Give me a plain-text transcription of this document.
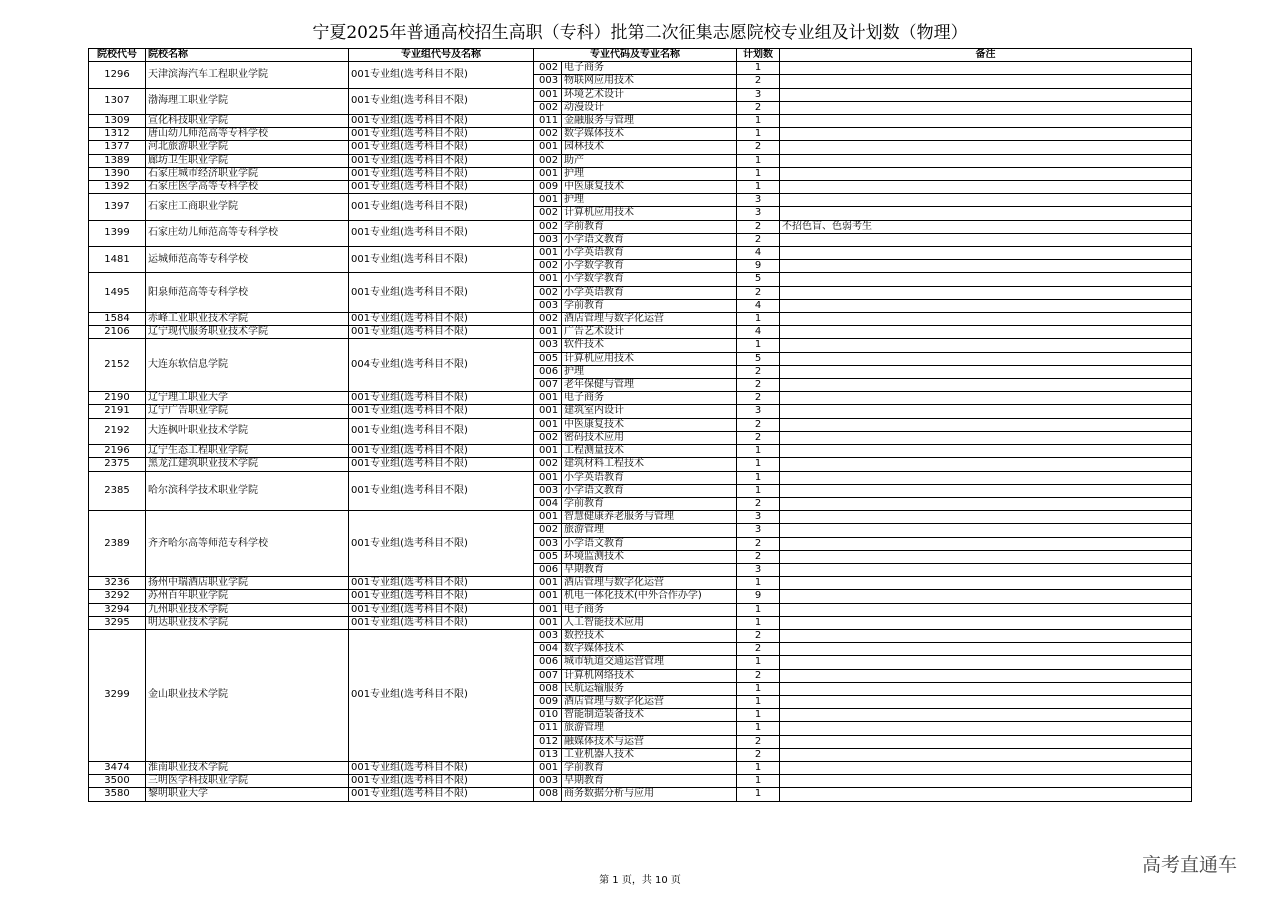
宁夏2025年普通高校招生高职（专科）批第二次征集志愿院校专业组及计划数（物理）
院校代号	院校名称	专业组代号及名称	专业代码及专业名称		计划数	备注
1296	天津滨海汽车工程职业学院	001专业组(选考科目不限)	002	电子商务	1	
			003	物联网应用技术	2	
1307	渤海理工职业学院	001专业组(选考科目不限)	001	环境艺术设计	3	
			002	动漫设计	2	
1309	宣化科技职业学院	001专业组(选考科目不限)	011	金融服务与管理	1	
1312	唐山幼儿师范高等专科学校	001专业组(选考科目不限)	002	数字媒体技术	1	
1377	河北旅游职业学院	001专业组(选考科目不限)	001	园林技术	2	
1389	廊坊卫生职业学院	001专业组(选考科目不限)	002	助产	1	
1390	石家庄城市经济职业学院	001专业组(选考科目不限)	001	护理	1	
1392	石家庄医学高等专科学校	001专业组(选考科目不限)	009	中医康复技术	1	
1397	石家庄工商职业学院	001专业组(选考科目不限)	001	护理	3	
			002	计算机应用技术	3	
1399	石家庄幼儿师范高等专科学校	001专业组(选考科目不限)	002	学前教育	2	不招色盲、色弱考生
			003	小学语文教育	2	
1481	运城师范高等专科学校	001专业组(选考科目不限)	001	小学英语教育	4	
			002	小学数学教育	9	
1495	阳泉师范高等专科学校	001专业组(选考科目不限)	001	小学数学教育	5	
			002	小学英语教育	2	
			003	学前教育	4	
1584	赤峰工业职业技术学院	001专业组(选考科目不限)	002	酒店管理与数字化运营	1	
2106	辽宁现代服务职业技术学院	001专业组(选考科目不限)	001	广告艺术设计	4	
2152	大连东软信息学院	004专业组(选考科目不限)	003	软件技术	1	
			005	计算机应用技术	5	
			006	护理	2	
			007	老年保健与管理	2	
2190	辽宁理工职业大学	001专业组(选考科目不限)	001	电子商务	2	
2191	辽宁广告职业学院	001专业组(选考科目不限)	001	建筑室内设计	3	
2192	大连枫叶职业技术学院	001专业组(选考科目不限)	001	中医康复技术	2	
			002	密码技术应用	2	
2196	辽宁生态工程职业学院	001专业组(选考科目不限)	001	工程测量技术	1	
2375	黑龙江建筑职业技术学院	001专业组(选考科目不限)	002	建筑材料工程技术	1	
2385	哈尔滨科学技术职业学院	001专业组(选考科目不限)	001	小学英语教育	1	
			003	小学语文教育	1	
			004	学前教育	2	
2389	齐齐哈尔高等师范专科学校	001专业组(选考科目不限)	001	智慧健康养老服务与管理	3	
			002	旅游管理	3	
			003	小学语文教育	2	
			005	环境监测技术	2	
			006	早期教育	3	
3236	扬州中瑞酒店职业学院	001专业组(选考科目不限)	001	酒店管理与数字化运营	1	
3292	苏州百年职业学院	001专业组(选考科目不限)	001	机电一体化技术(中外合作办学)	9	
3294	九州职业技术学院	001专业组(选考科目不限)	001	电子商务	1	
3295	明达职业技术学院	001专业组(选考科目不限)	001	人工智能技术应用	1	
3299	金山职业技术学院	001专业组(选考科目不限)	003	数控技术	2	
			004	数字媒体技术	2	
			006	城市轨道交通运营管理	1	
			007	计算机网络技术	2	
			008	民航运输服务	1	
			009	酒店管理与数字化运营	1	
			010	智能制造装备技术	1	
			011	旅游管理	1	
			012	融媒体技术与运营	2	
			013	工业机器人技术	2	
3474	淮南职业技术学院	001专业组(选考科目不限)	001	学前教育	1	
3500	三明医学科技职业学院	001专业组(选考科目不限)	003	早期教育	1	
3580	黎明职业大学	001专业组(选考科目不限)	008	商务数据分析与应用	1	
第 1 页，共 10 页
高考直通车
